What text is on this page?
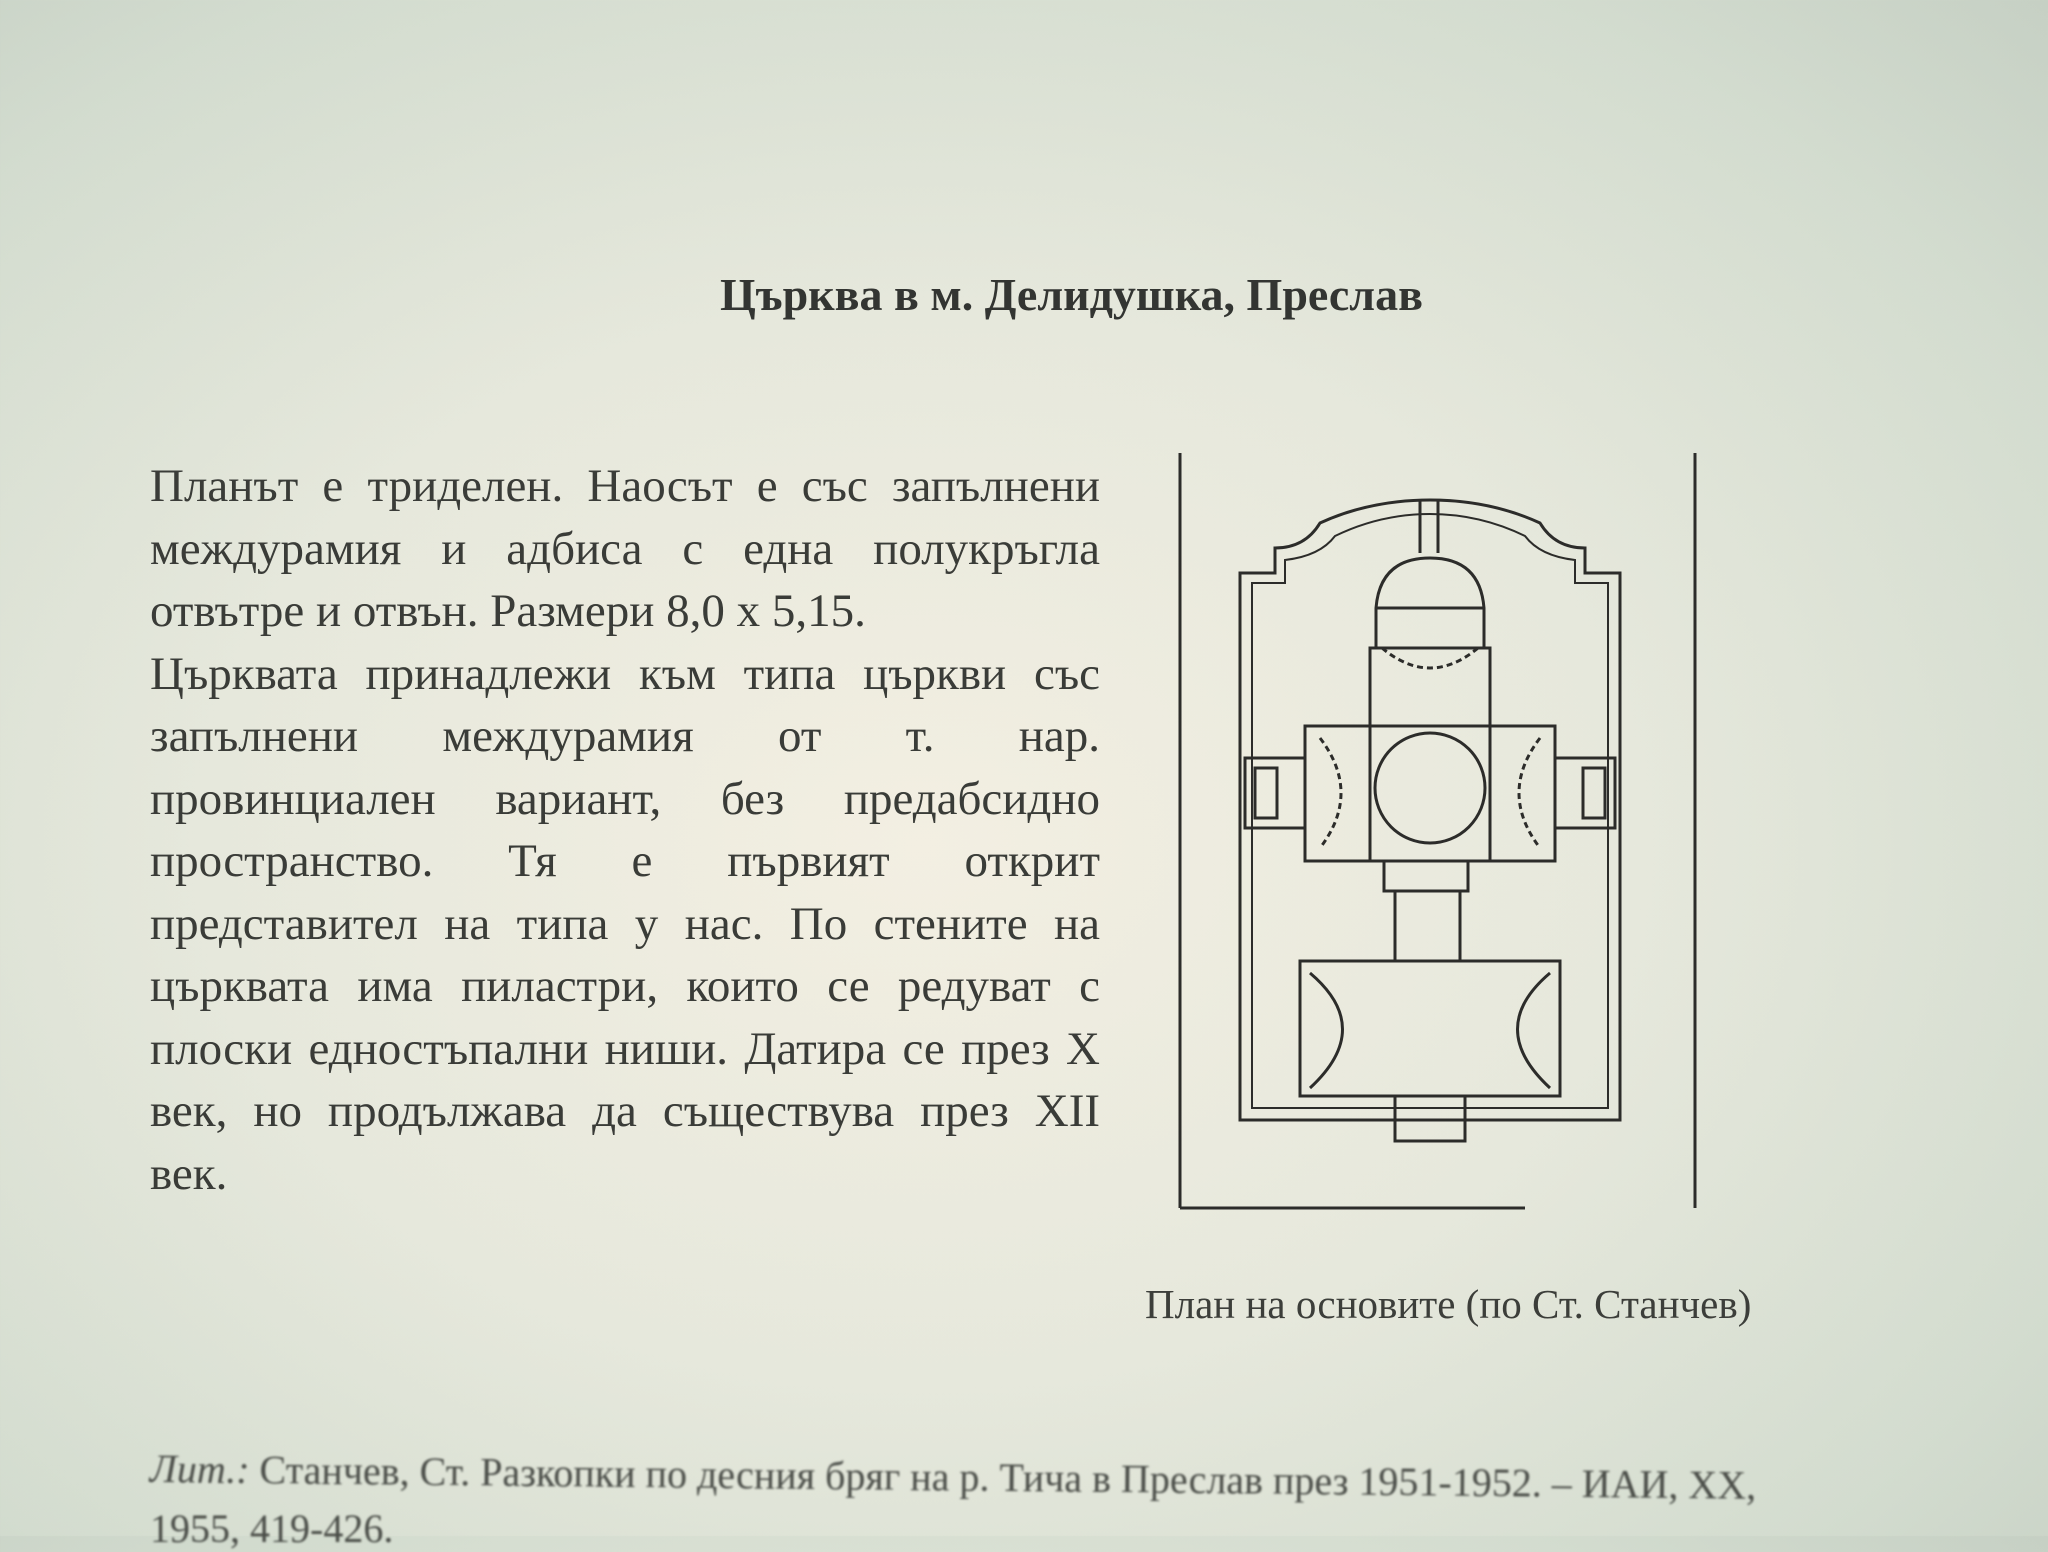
Църква в м. Делидушка, Преслав

Планът е триделен. Наосът е със запълнени междурамия и адбиса с една полукръгла отвътре и отвън. Размери 8,0 x 5,15.

Църквата принадлежи към типа църкви със запълнени междурамия от т. нар. провинциален вариант, без предабсидно пространство. Тя е първият открит представител на типа у нас. По стените на църквата има пиластри, които се редуват с плоски едностъпални ниши. Датира се през X век, но продължава да съществува през XII век.

План на основите (по Ст. Станчев)
Лит.: Станчев, Ст. Разкопки по десния бряг на р. Тича в Преслав през 1951-1952. – ИАИ, XX,
1955, 419-426.
